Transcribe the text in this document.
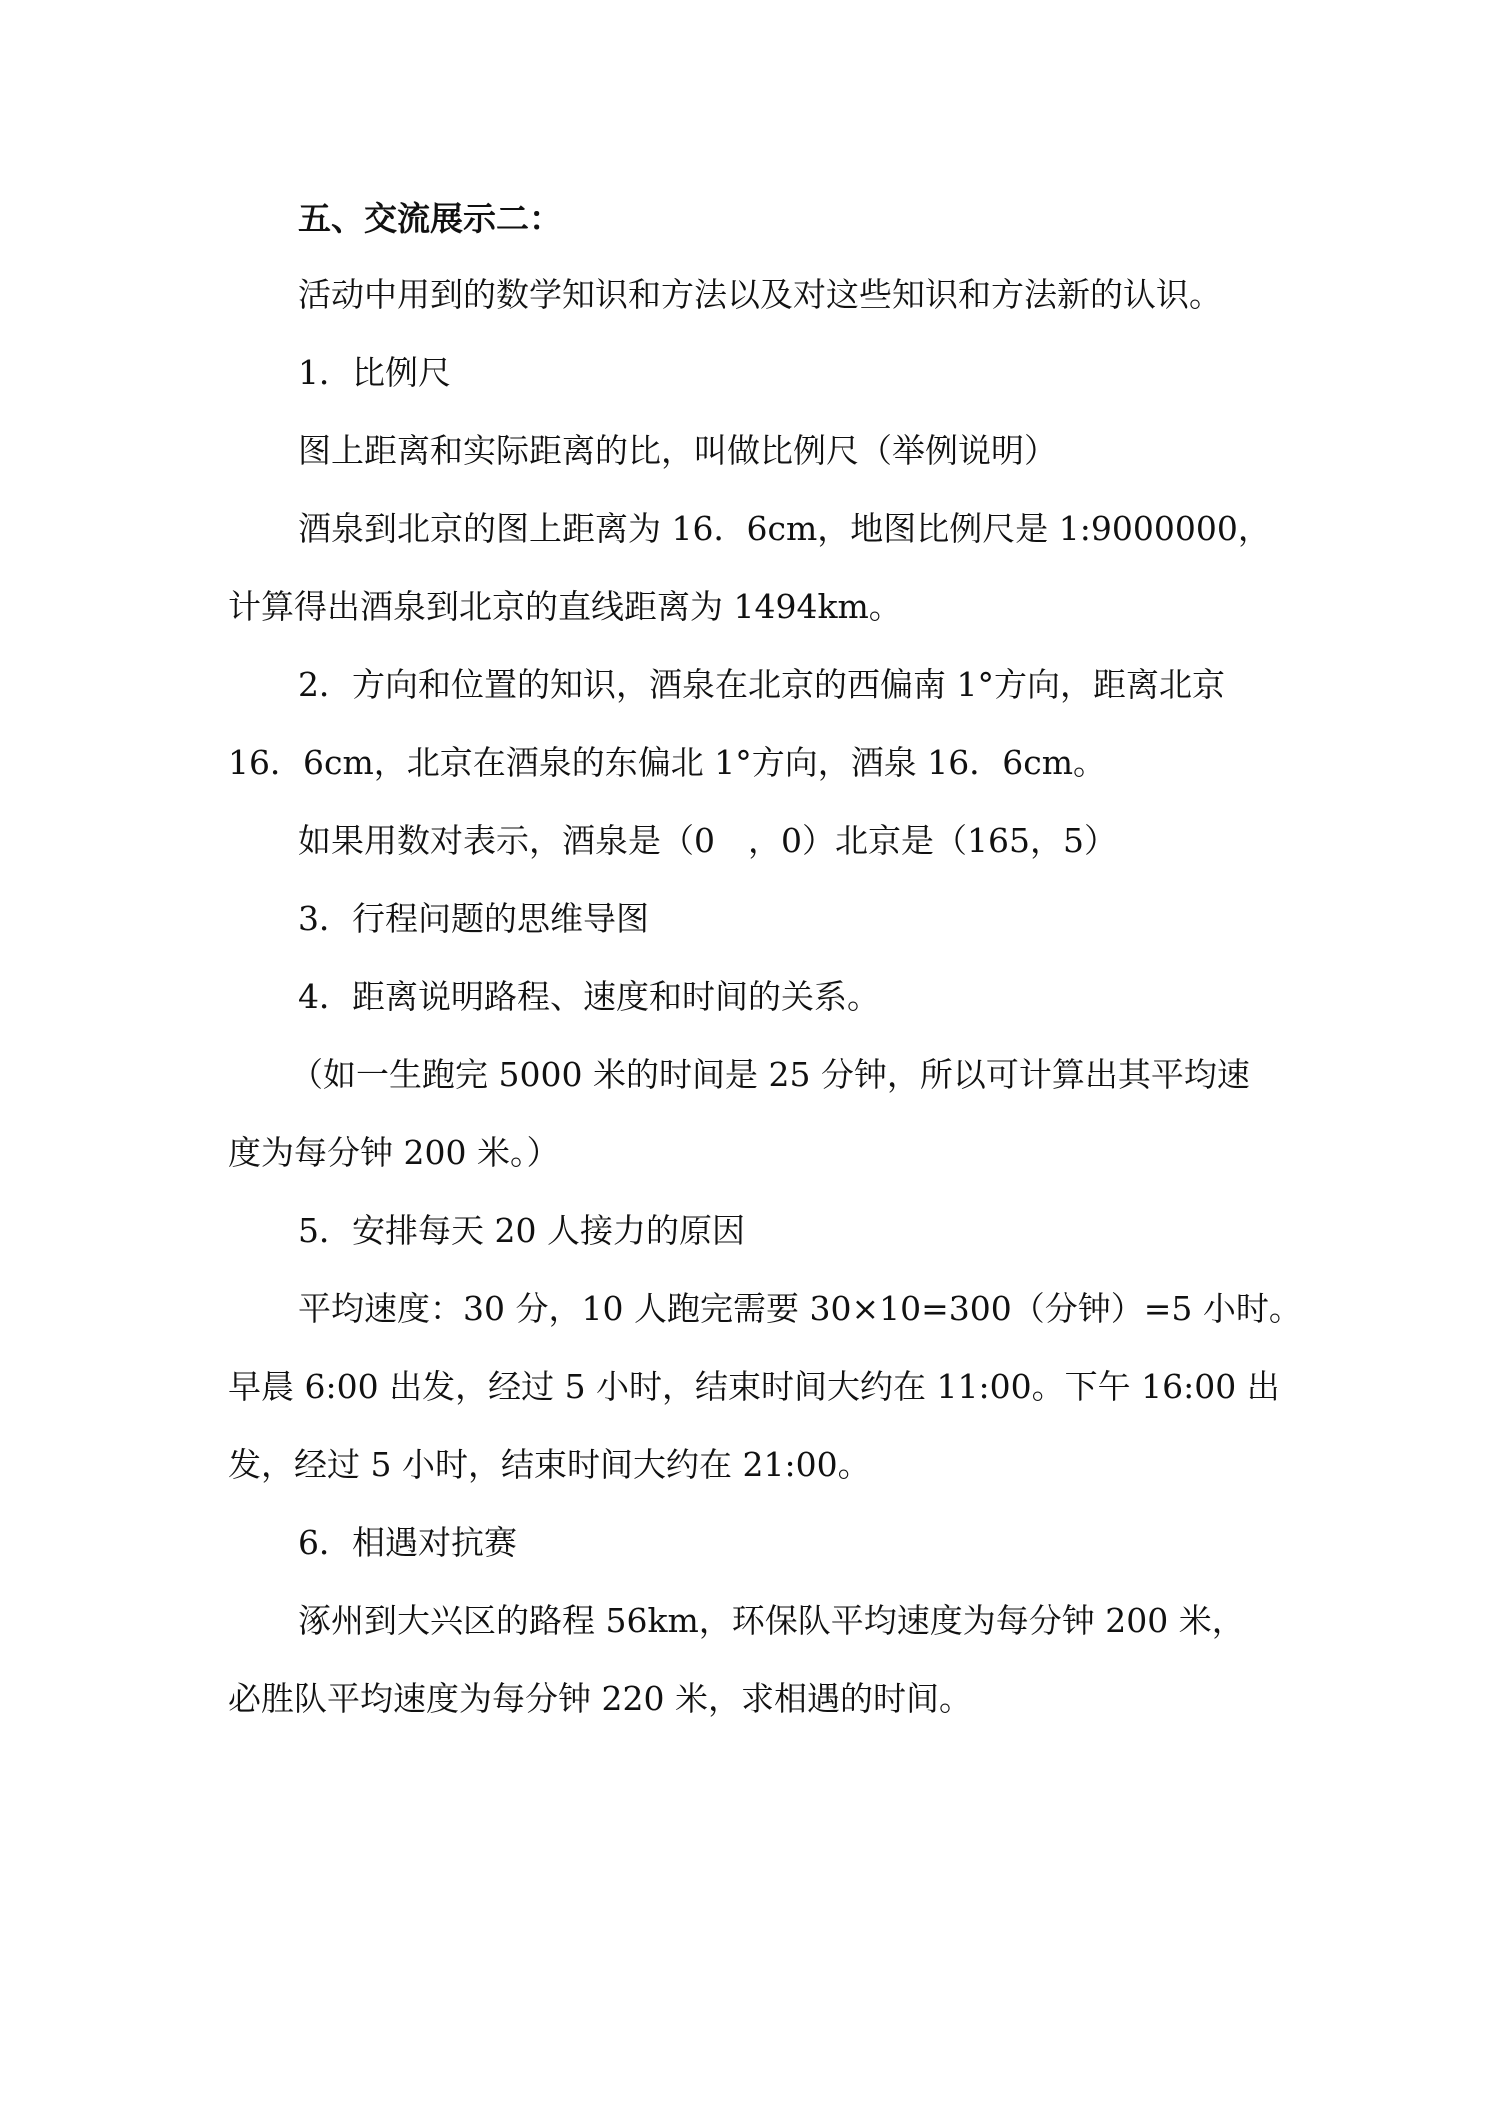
五、交流展示二：
活动中用到的数学知识和方法以及对这些知识和方法新的认识。
1．比例尺
图上距离和实际距离的比，叫做比例尺（举例说明）
酒泉到北京的图上距离为 16．6cm，地图比例尺是 1:9000000，
计算得出酒泉到北京的直线距离为 1494km。
2．方向和位置的知识，酒泉在北京的西偏南 1°方向，距离北京
16．6cm，北京在酒泉的东偏北 1°方向，酒泉 16．6cm。
如果用数对表示，酒泉是（0　，0）北京是（165，5）
3．行程问题的思维导图
4．距离说明路程、速度和时间的关系。
（如一生跑完 5000 米的时间是 25 分钟，所以可计算出其平均速
度为每分钟 200 米。）
5．安排每天 20 人接力的原因
平均速度：30 分，10 人跑完需要 30×10=300（分钟）=5 小时。
早晨 6:00 出发，经过 5 小时，结束时间大约在 11:00。下午 16:00 出
发，经过 5 小时，结束时间大约在 21:00。
6．相遇对抗赛
涿州到大兴区的路程 56km，环保队平均速度为每分钟 200 米，
必胜队平均速度为每分钟 220 米，求相遇的时间。
